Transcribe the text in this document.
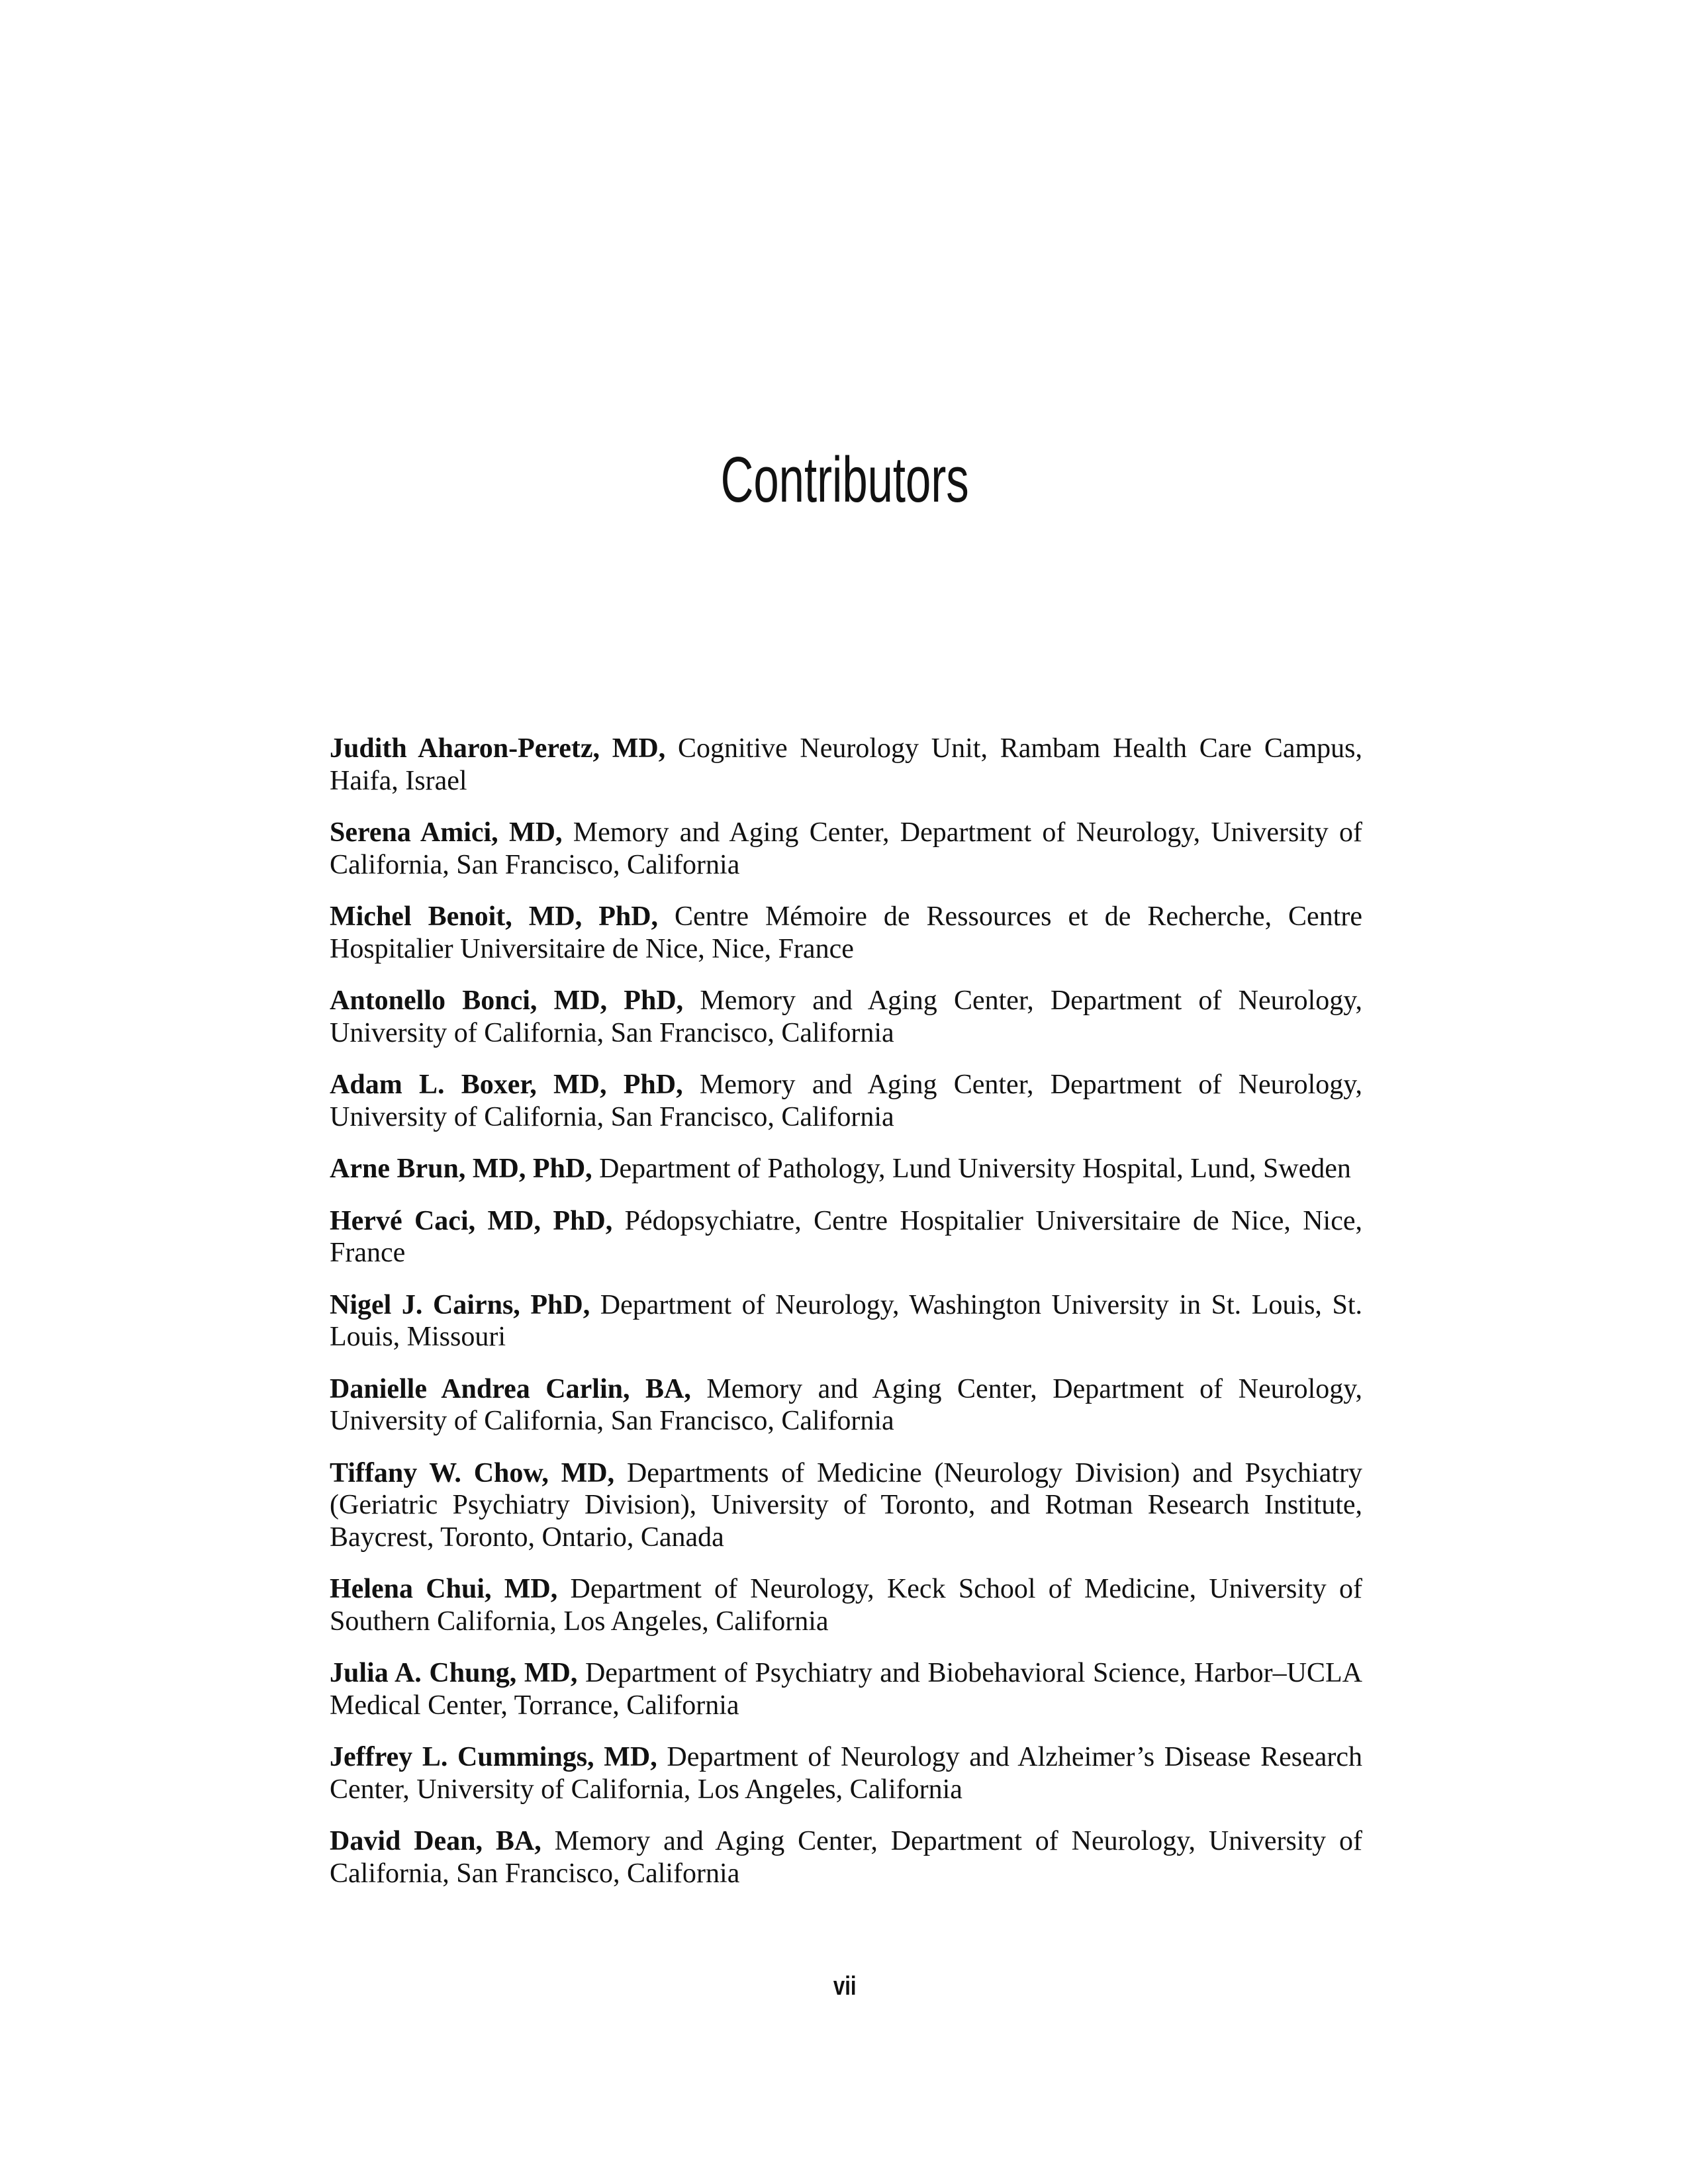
Contributors

Judith Aharon-Peretz, MD, Cognitive Neurology Unit, Rambam Health Care Campus, Haifa, Israel

Serena Amici, MD, Memory and Aging Center, Department of Neurology, University of California, San Francisco, California

Michel Benoit, MD, PhD, Centre Mémoire de Ressources et de Recherche, Centre Hospitalier Universitaire de Nice, Nice, France

Antonello Bonci, MD, PhD, Memory and Aging Center, Department of Neurology, University of California, San Francisco, California

Adam L. Boxer, MD, PhD, Memory and Aging Center, Department of Neurology, University of California, San Francisco, California

Arne Brun, MD, PhD, Department of Pathology, Lund University Hospital, Lund, Sweden

Hervé Caci, MD, PhD, Pédopsychiatre, Centre Hospitalier Universitaire de Nice, Nice, France

Nigel J. Cairns, PhD, Department of Neurology, Washington University in St. Louis, St. Louis, Missouri

Danielle Andrea Carlin, BA, Memory and Aging Center, Department of Neurology, University of California, San Francisco, California

Tiffany W. Chow, MD, Departments of Medicine (Neurology Division) and Psychiatry (Geriatric Psychiatry Division), University of Toronto, and Rotman Research Institute, Baycrest, Toronto, Ontario, Canada

Helena Chui, MD, Department of Neurology, Keck School of Medicine, University of Southern California, Los Angeles, California

Julia A. Chung, MD, Department of Psychiatry and Biobehavioral Science, Harbor–UCLA Medical Center, Torrance, California

Jeffrey L. Cummings, MD, Department of Neurology and Alzheimer’s Disease Research Center, University of California, Los Angeles, California

David Dean, BA, Memory and Aging Center, Department of Neurology, University of California, San Francisco, California

vii
